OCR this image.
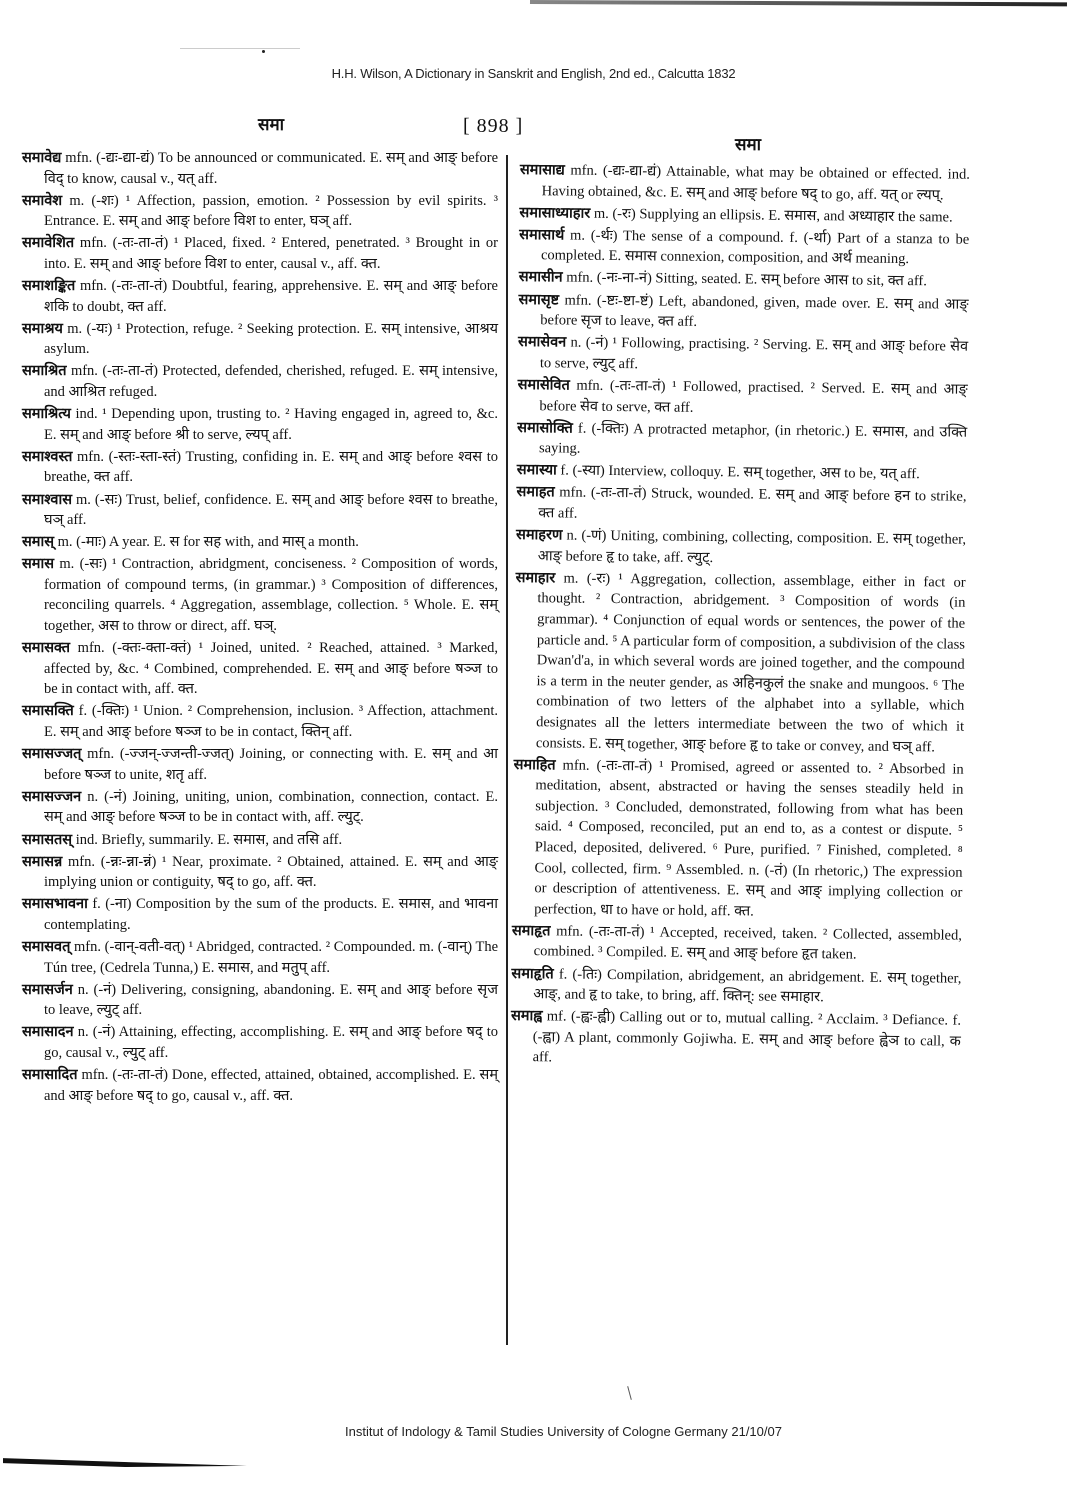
H.H. Wilson, A Dictionary in Sanskrit and English, 2nd ed., Calcutta 1832
समा	[ 898 ]
समा
समावेद्य mfn. (-द्यः-द्या-द्यं) To be announced or communicated. E. सम् and आङ् before विद् to know, causal v., यत् aff.
समावेश m. (-शः) ¹ Affection, passion, emotion. ² Possession by evil spirits. ³ Entrance. E. सम् and आङ् before विश to enter, घञ् aff.
समावेशित mfn. (-तः-ता-तं) ¹ Placed, fixed. ² Entered, penetrated. ³ Brought in or into. E. सम् and आङ् before विश to enter, causal v., aff. क्त.
समाशङ्कित mfn. (-तः-ता-तं) Doubtful, fearing, apprehensive. E. सम् and आङ् before शकि to doubt, क्त aff.
समाश्रय m. (-यः) ¹ Protection, refuge. ² Seeking protection. E. सम् intensive, आश्रय asylum.
समाश्रित mfn. (-तः-ता-तं) Protected, defended, cherished, refuged. E. सम् intensive, and आश्रित refuged.
समाश्रित्य ind. ¹ Depending upon, trusting to. ² Having engaged in, agreed to, &c. E. सम् and आङ् before श्री to serve, ल्यप् aff.
समाश्वस्त mfn. (-स्तः-स्ता-स्तं) Trusting, confiding in. E. सम् and आङ् before श्वस to breathe, क्त aff.
समाश्वास m. (-सः) Trust, belief, confidence. E. सम् and आङ् before श्वस to breathe, घञ् aff.
समास् m. (-माः) A year. E. स for सह with, and मास् a month.
समास m. (-सः) ¹ Contraction, abridgment, conciseness. ² Composition of words, formation of compound terms, (in grammar.) ³ Composition of differences, reconciling quarrels. ⁴ Aggregation, assemblage, collection. ⁵ Whole. E. सम् together, अस to throw or direct, aff. घञ्.
समासक्त mfn. (-क्तः-क्ता-क्तं) ¹ Joined, united. ² Reached, attained. ³ Marked, affected by, &c. ⁴ Combined, comprehended. E. सम् and आङ् before षञ्ज to be in contact with, aff. क्त.
समासक्ति f. (-क्तिः) ¹ Union. ² Comprehension, inclusion. ³ Affection, attachment. E. सम् and आङ् before षञ्ज to be in contact, क्तिन् aff.
समासज्जत् mfn. (-ज्जन्-ज्जन्ती-ज्जत्) Joining, or connecting with. E. सम् and आ before षञ्ज to unite, शतृ aff.
समासज्जन n. (-नं) Joining, uniting, union, combination, connection, contact. E. सम् and आङ् before षञ्ज to be in contact with, aff. ल्युट्.
समासतस् ind. Briefly, summarily. E. समास, and तसि aff.
समासन्न mfn. (-न्नः-न्ना-न्नं) ¹ Near, proximate. ² Obtained, attained. E. सम् and आङ् implying union or contiguity, षद् to go, aff. क्त.
समासभावना f. (-ना) Composition by the sum of the products. E. समास, and भावना contemplating.
समासवत् mfn. (-वान्-वती-वत्) ¹ Abridged, contracted. ² Compounded. m. (-वान्) The Tún tree, (Cedrela Tunna,) E. समास, and मतुप् aff.
समासर्जन n. (-नं) Delivering, consigning, abandoning. E. सम् and आङ् before सृज to leave, ल्युट् aff.
समासादन n. (-नं) Attaining, effecting, accomplishing. E. सम् and आङ् before षद् to go, causal v., ल्युट् aff.
समासादित mfn. (-तः-ता-तं) Done, effected, attained, obtained, accomplished. E. सम् and आङ् before षद् to go, causal v., aff. क्त.
समासाद्य mfn. (-द्यः-द्या-द्यं) Attainable, what may be obtained or effected. ind. Having obtained, &c. E. सम् and आङ् before षद् to go, aff. यत् or ल्यप्.
समासाध्याहार m. (-रः) Supplying an ellipsis. E. समास, and अध्याहार the same.
समासार्थ m. (-र्थः) The sense of a compound. f. (-र्था) Part of a stanza to be completed. E. समास connexion, composition, and अर्थ meaning.
समासीन mfn. (-नः-ना-नं) Sitting, seated. E. सम् before आस to sit, क्त aff.
समासृष्ट mfn. (-ष्टः-ष्टा-ष्टं) Left, abandoned, given, made over. E. सम् and आङ् before सृज to leave, क्त aff.
समासेवन n. (-नं) ¹ Following, practising. ² Serving. E. सम् and आङ् before सेव to serve, ल्युट् aff.
समासेवित mfn. (-तः-ता-तं) ¹ Followed, practised. ² Served. E. सम् and आङ् before सेव to serve, क्त aff.
समासोक्ति f. (-क्तिः) A protracted metaphor, (in rhetoric.) E. समास, and उक्ति saying.
समास्या f. (-स्या) Interview, colloquy. E. सम् together, अस to be, यत् aff.
समाहत mfn. (-तः-ता-तं) Struck, wounded. E. सम् and आङ् before हन to strike, क्त aff.
समाहरण n. (-णं) Uniting, combining, collecting, composition. E. सम् together, आङ् before हृ to take, aff. ल्युट्.
समाहार m. (-रः) ¹ Aggregation, collection, assemblage, either in fact or thought. ² Contraction, abridgement. ³ Composition of words (in grammar). ⁴ Conjunction of equal words or sentences, the power of the particle and. ⁵ A particular form of composition, a subdivision of the class Dwan'd'a, in which several words are joined together, and the compound is a term in the neuter gender, as अहिनकुलं the snake and mungoos. ⁶ The combination of two letters of the alphabet into a syllable, which designates all the letters intermediate between the two of which it consists. E. सम् together, आङ् before हृ to take or convey, and घञ् aff.
समाहित mfn. (-तः-ता-तं) ¹ Promised, agreed or assented to. ² Absorbed in meditation, absent, abstracted or having the senses steadily held in subjection. ³ Concluded, demonstrated, following from what has been said. ⁴ Composed, reconciled, put an end to, as a contest or dispute. ⁵ Placed, deposited, delivered. ⁶ Pure, purified. ⁷ Finished, completed. ⁸ Cool, collected, firm. ⁹ Assembled. n. (-तं) (In rhetoric,) The expression or description of attentiveness. E. सम् and आङ् implying collection or perfection, धा to have or hold, aff. क्त.
समाहृत mfn. (-तः-ता-तं) ¹ Accepted, received, taken. ² Collected, assembled, combined. ³ Compiled. E. सम् and आङ् before हृत taken.
समाहृति f. (-तिः) Compilation, abridgement, an abridgement. E. सम् together, आङ्, and हृ to take, to bring, aff. क्तिन्: see समाहार.
समाह्व mf. (-ह्वः-ह्वी) Calling out or to, mutual calling. ² Acclaim. ³ Defiance. f. (-ह्वा) A plant, commonly Gojiwha. E. सम् and आङ् before ह्वेञ to call, क aff.
Institut of Indology & Tamil Studies University of Cologne Germany 21/10/07
